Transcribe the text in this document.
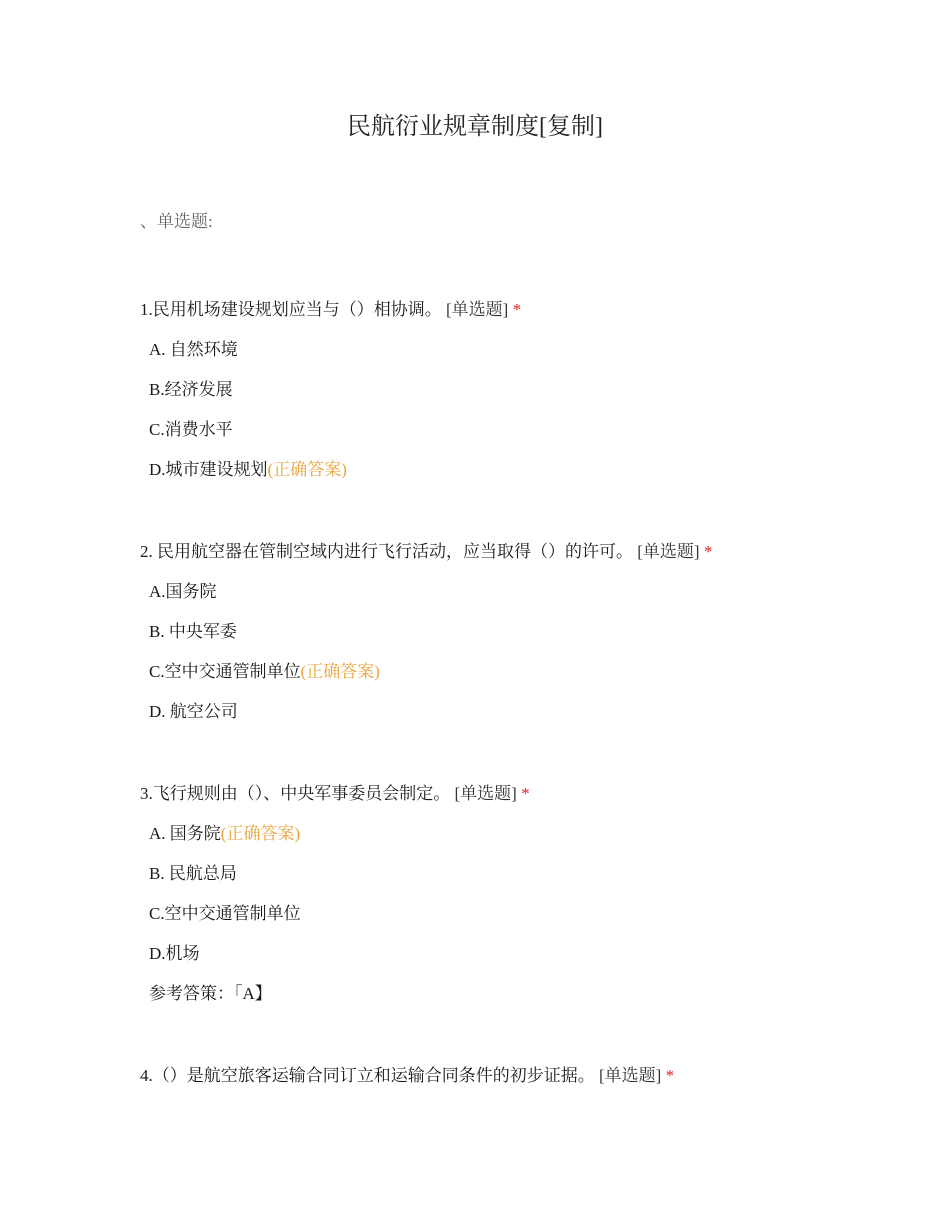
民航衍业规章制度[复制]
、单选题:
1.民用机场建设规划应当与（）相协调。 [单选题] *
A. 自然环境
B.经济发展
C.消费水平
D.城市建设规划(正确答案)
2. 民用航空器在管制空域内进行飞行活动，应当取得（）的许可。 [单选题] *
A.国务院
B. 中央军委
C.空中交通管制单位(正确答案)
D. 航空公司
3.飞行规则由（）、中央军事委员会制定。 [单选题] *
A. 国务院(正确答案)
B. 民航总局
C.空中交通管制单位
D.机场
参考答策：「A】
4.（）是航空旅客运输合同订立和运输合同条件的初步证据。 [单选题] *
